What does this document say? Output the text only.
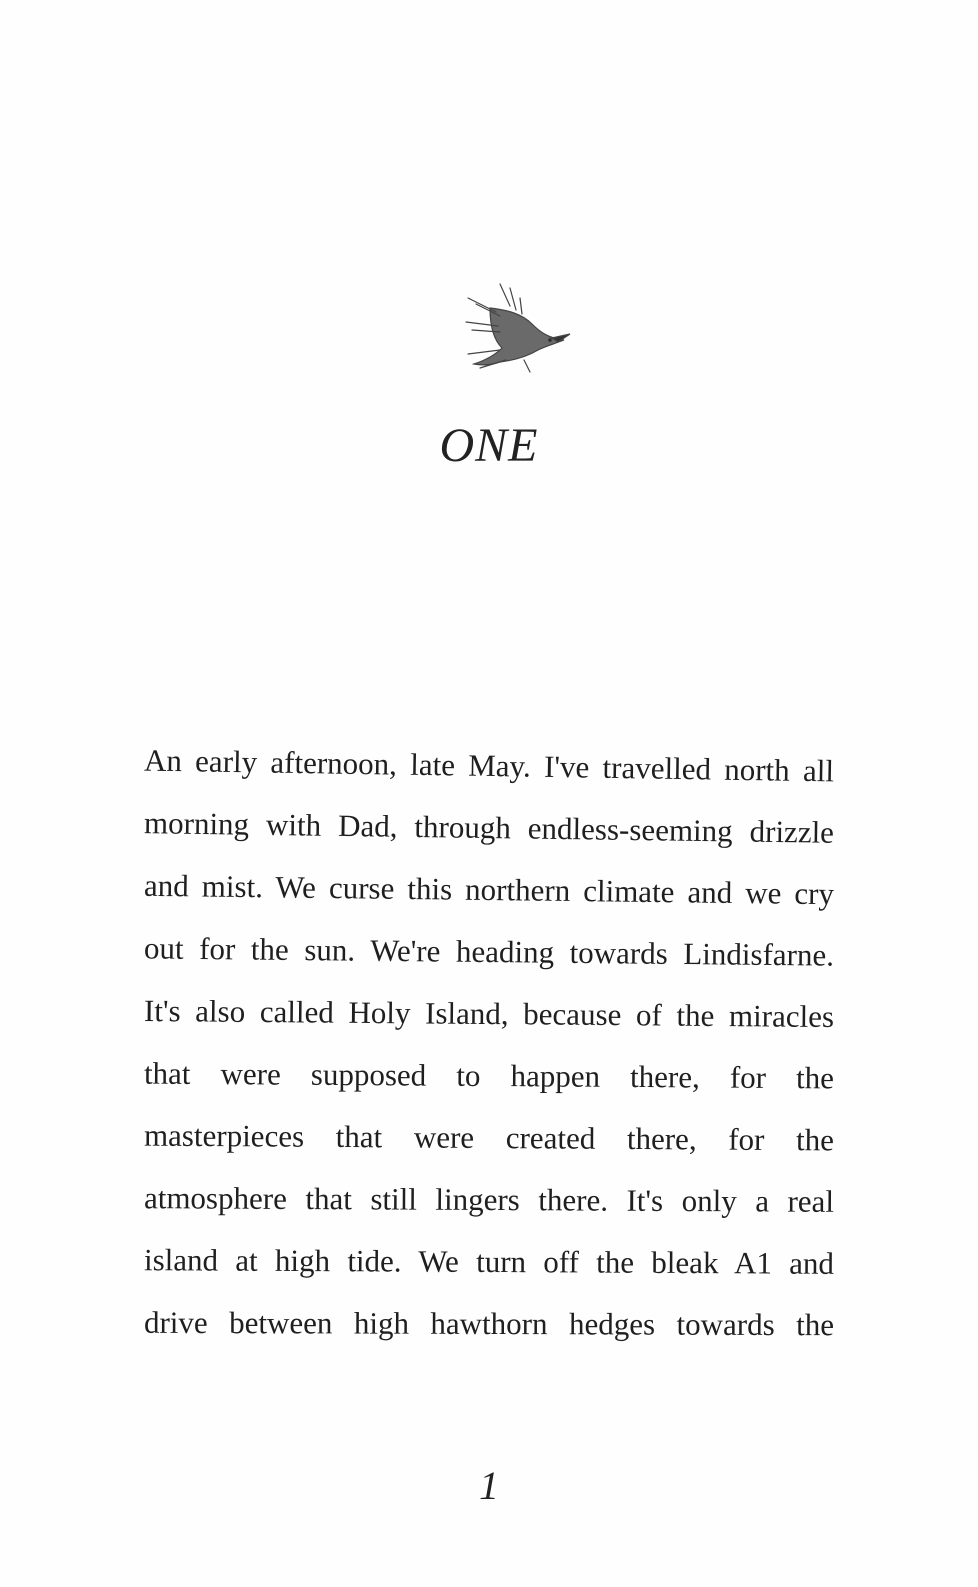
ONE
An early afternoon, late May. I've travelled north all
morning with Dad, through endless-seeming drizzle
and mist. We curse this northern climate and we cry
out for the sun. We're heading towards Lindisfarne.
It's also called Holy Island, because of the miracles
that were supposed to happen there, for the
masterpieces that were created there, for the
atmosphere that still lingers there. It's only a real
island at high tide. We turn off the bleak A1 and
drive between high hawthorn hedges towards the
1
